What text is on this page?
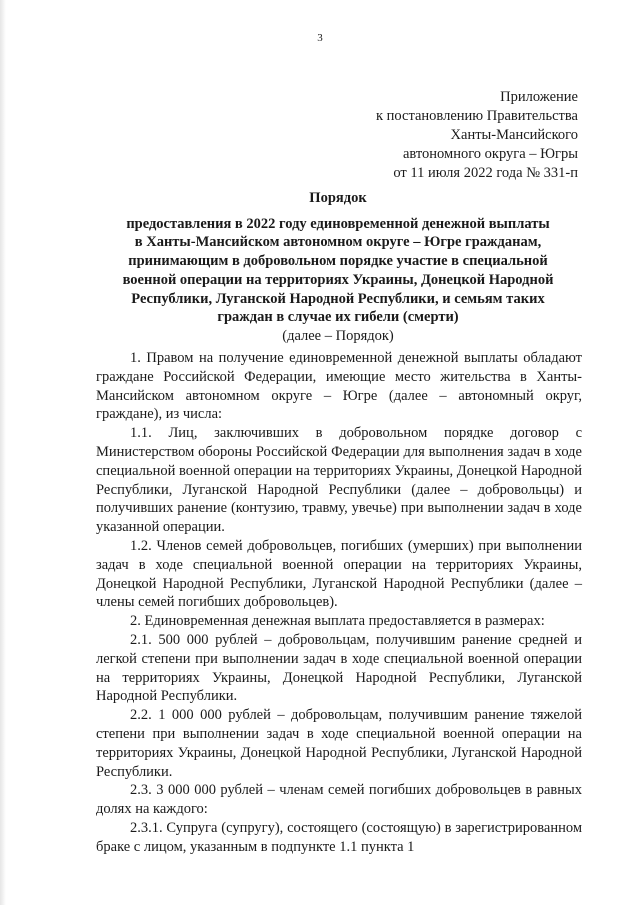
3
Приложение
к постановлению Правительства
Ханты-Мансийского
автономного округа – Югры
от 11 июля 2022 года № 331-п
Порядок
предоставления в 2022 году единовременной денежной выплаты
в Ханты-Мансийском автономном округе – Югре гражданам,
принимающим в добровольном порядке участие в специальной
военной операции на территориях Украины, Донецкой Народной
Республики, Луганской Народной Республики, и семьям таких
граждан в случае их гибели (смерти)
(далее – Порядок)

1. Правом на получение единовременной денежной выплаты обладают граждане Российской Федерации, имеющие место жительства в Ханты-Мансийском автономном округе – Югре (далее – автономный округ, граждане), из числа:

1.1. Лиц, заключивших в добровольном порядке договор с Министерством обороны Российской Федерации для выполнения задач в ходе специальной военной операции на территориях Украины, Донецкой Народной Республики, Луганской Народной Республики (далее – добровольцы) и получивших ранение (контузию, травму, увечье) при выполнении задач в ходе указанной операции.

1.2. Членов семей добровольцев, погибших (умерших) при выполнении задач в ходе специальной военной операции на территориях Украины, Донецкой Народной Республики, Луганской Народной Республики (далее – члены семей погибших добровольцев).

2. Единовременная денежная выплата предоставляется в размерах:

2.1. 500 000 рублей – добровольцам, получившим ранение средней и легкой степени при выполнении задач в ходе специальной военной операции на территориях Украины, Донецкой Народной Республики, Луганской Народной Республики.

2.2. 1 000 000 рублей – добровольцам, получившим ранение тяжелой степени при выполнении задач в ходе специальной военной операции на территориях Украины, Донецкой Народной Республики, Луганской Народной Республики.

2.3. 3 000 000 рублей – членам семей погибших добровольцев в равных долях на каждого:

2.3.1. Супруга (супругу), состоящего (состоящую) в зарегистрированном браке с лицом, указанным в подпункте 1.1 пункта 1
